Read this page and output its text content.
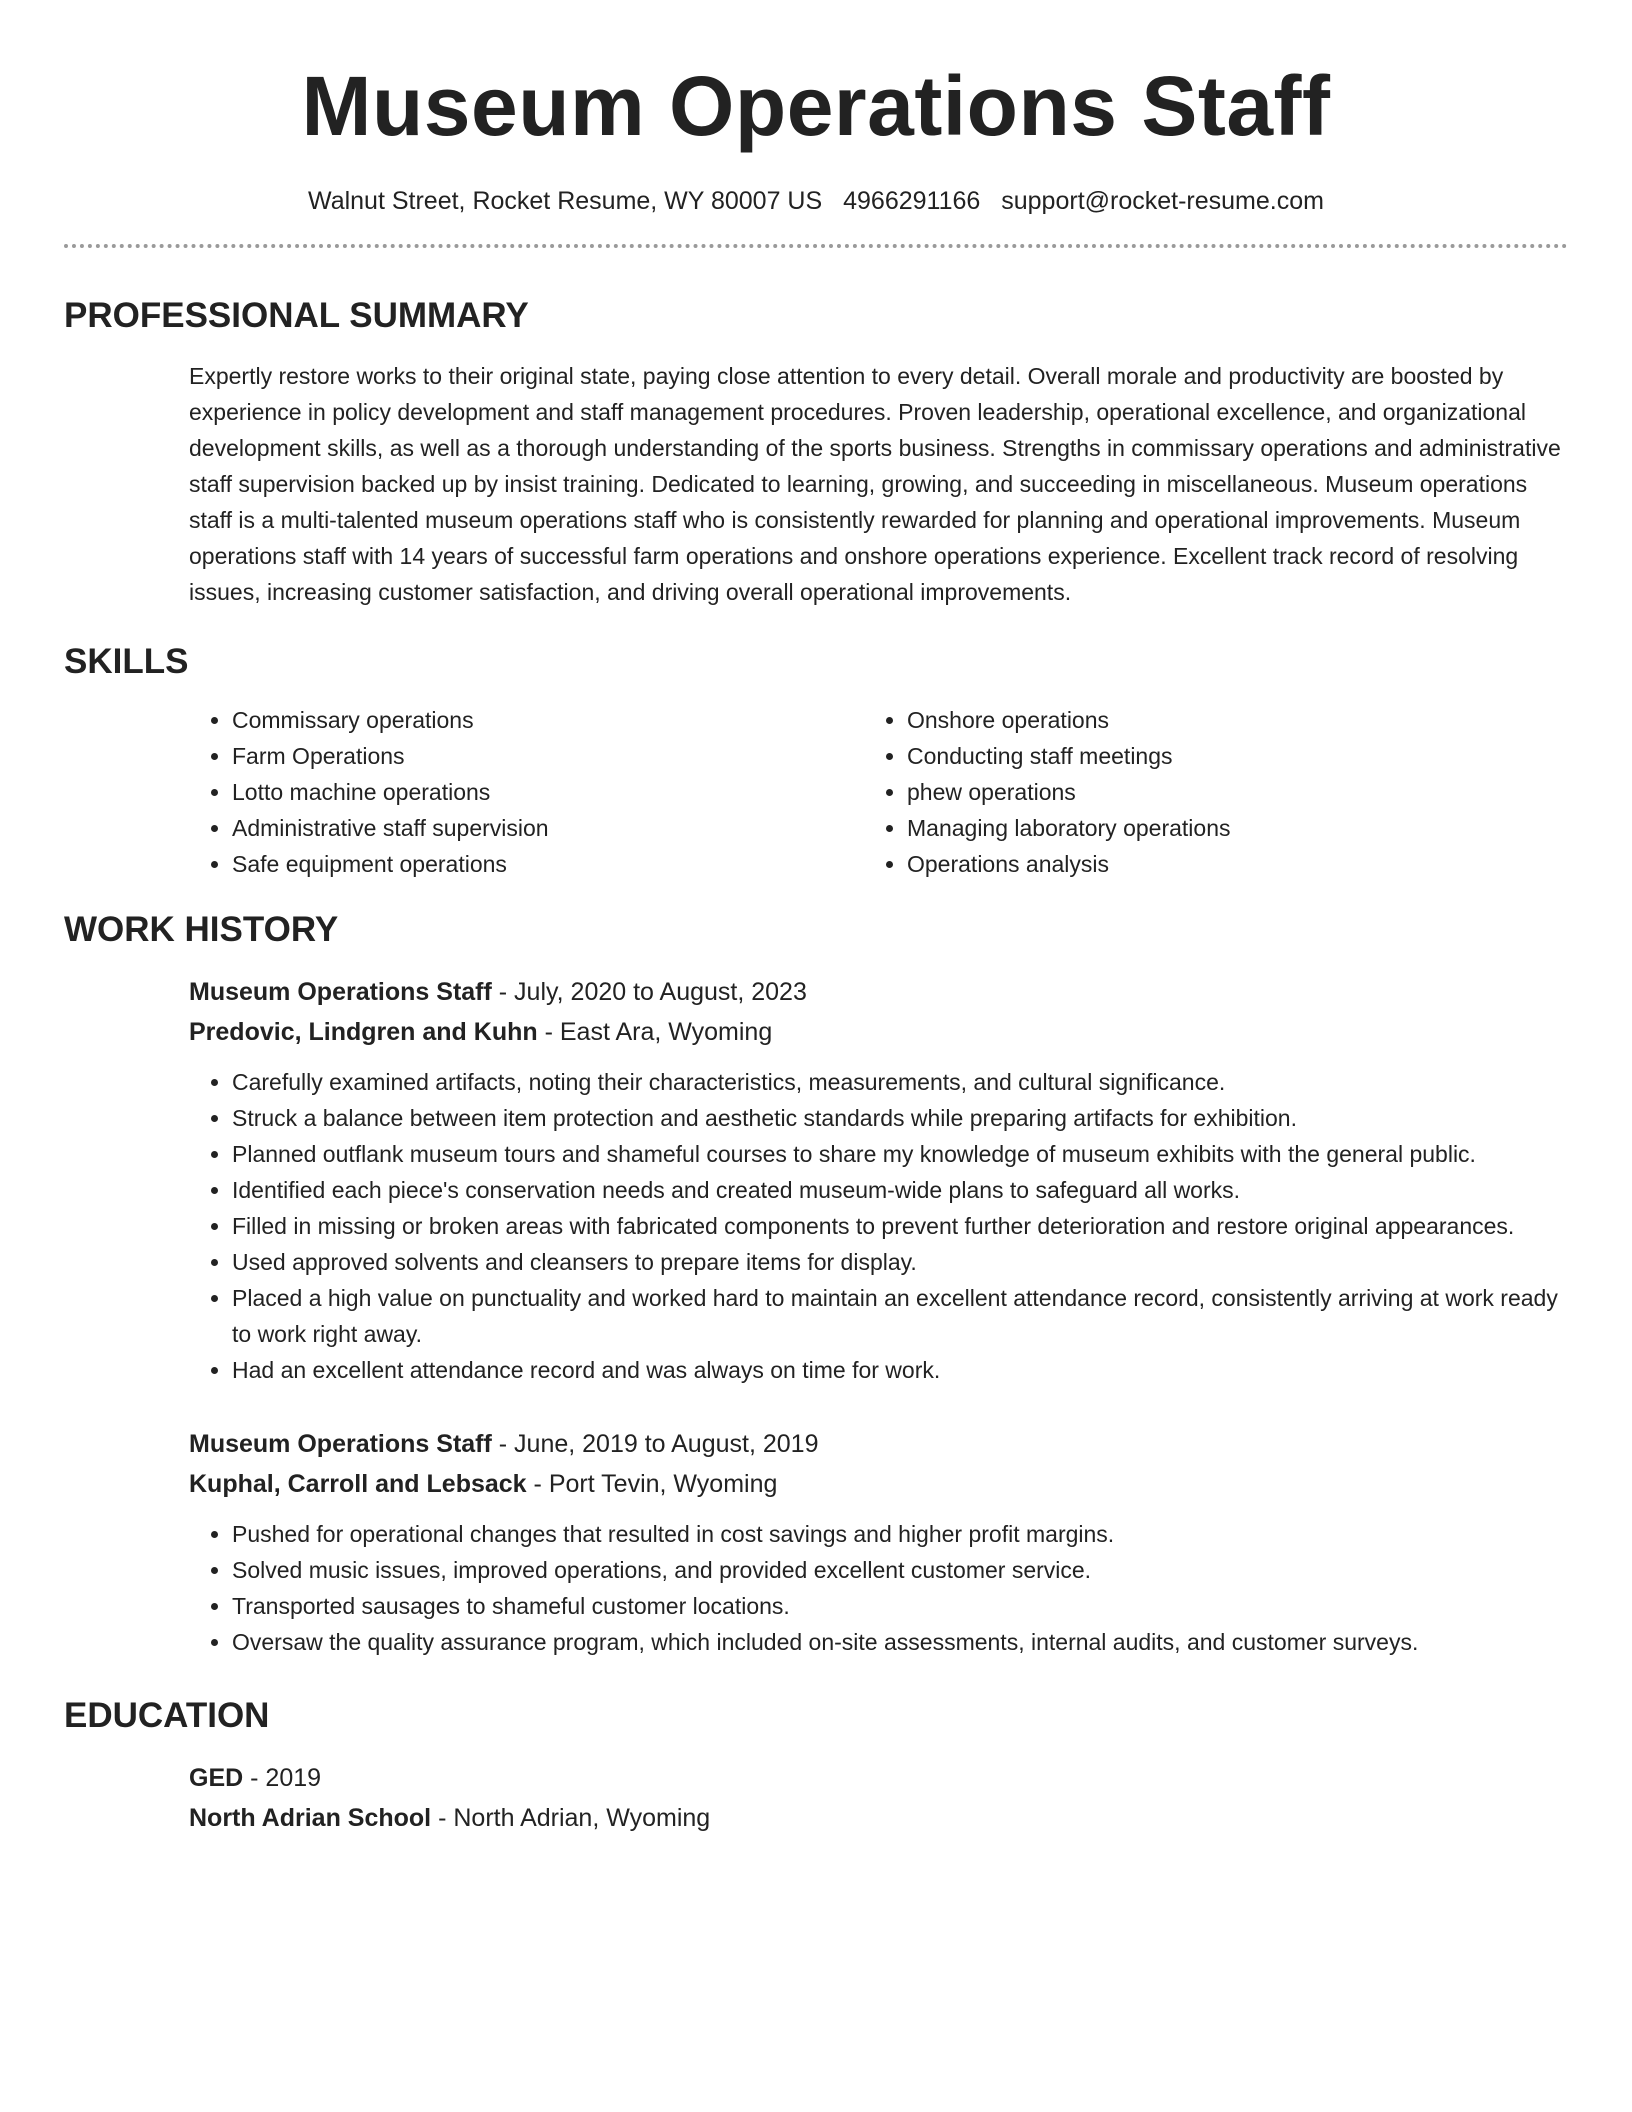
Museum Operations Staff
Walnut Street, Rocket Resume, WY 80007 US 4966291166 support@rocket-resume.com
PROFESSIONAL SUMMARY

Expertly restore works to their original state, paying close attention to every detail. Overall morale and productivity are boosted by experience in policy development and staff management procedures. Proven leadership, operational excellence, and organizational development skills, as well as a thorough understanding of the sports business. Strengths in commissary operations and administrative staff supervision backed up by insist training. Dedicated to learning, growing, and succeeding in miscellaneous. Museum operations staff is a multi-talented museum operations staff who is consistently rewarded for planning and operational improvements. Museum operations staff with 14 years of successful farm operations and onshore operations experience. Excellent track record of resolving issues, increasing customer satisfaction, and driving overall operational improvements.

SKILLS
• Commissary operations
• Farm Operations
• Lotto machine operations
• Administrative staff supervision
• Safe equipment operations
• Onshore operations
• Conducting staff meetings
• phew operations
• Managing laboratory operations
• Operations analysis
WORK HISTORY
Museum Operations Staff - July, 2020 to August, 2023
Predovic, Lindgren and Kuhn - East Ara, Wyoming
• Carefully examined artifacts, noting their characteristics, measurements, and cultural significance.
• Struck a balance between item protection and aesthetic standards while preparing artifacts for exhibition.
• Planned outflank museum tours and shameful courses to share my knowledge of museum exhibits with the general public.
• Identified each piece's conservation needs and created museum-wide plans to safeguard all works.
• Filled in missing or broken areas with fabricated components to prevent further deterioration and restore original appearances.
• Used approved solvents and cleansers to prepare items for display.
• Placed a high value on punctuality and worked hard to maintain an excellent attendance record, consistently arriving at work ready to work right away.
• Had an excellent attendance record and was always on time for work.
Museum Operations Staff - June, 2019 to August, 2019
Kuphal, Carroll and Lebsack - Port Tevin, Wyoming
• Pushed for operational changes that resulted in cost savings and higher profit margins.
• Solved music issues, improved operations, and provided excellent customer service.
• Transported sausages to shameful customer locations.
• Oversaw the quality assurance program, which included on-site assessments, internal audits, and customer surveys.
EDUCATION
GED - 2019
North Adrian School - North Adrian, Wyoming
